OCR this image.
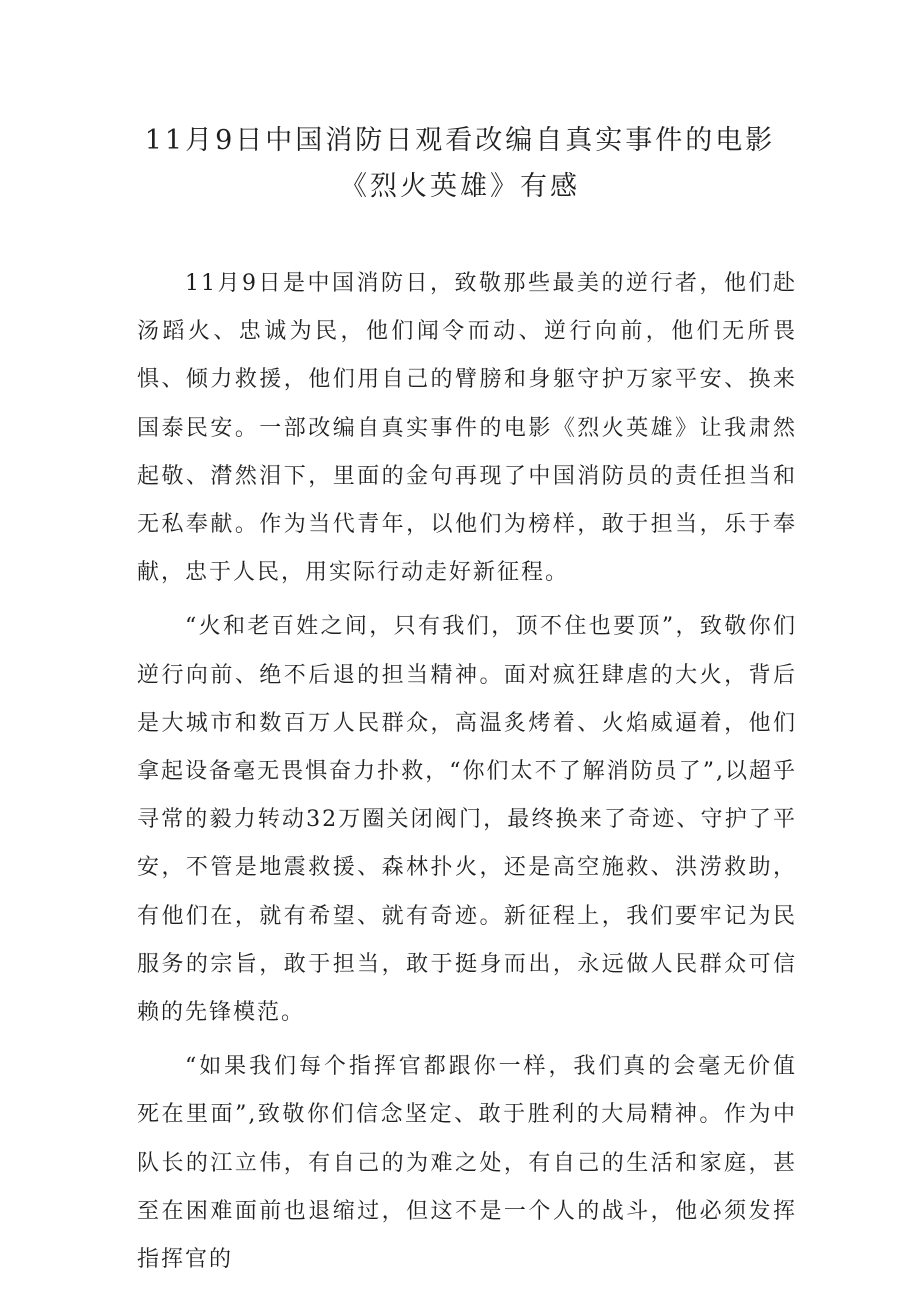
11月9日中国消防日观看改编自真实事件的电影《烈火英雄》有感

11月9日是中国消防日，致敬那些最美的逆行者，他们赴汤蹈火、忠诚为民，他们闻令而动、逆行向前，他们无所畏惧、倾力救援，他们用自己的臂膀和身躯守护万家平安、换来国泰民安。一部改编自真实事件的电影《烈火英雄》让我肃然起敬、潸然泪下，里面的金句再现了中国消防员的责任担当和无私奉献。作为当代青年，以他们为榜样，敢于担当，乐于奉献，忠于人民，用实际行动走好新征程。

“火和老百姓之间，只有我们，顶不住也要顶”，致敬你们逆行向前、绝不后退的担当精神。面对疯狂肆虐的大火，背后是大城市和数百万人民群众，高温炙烤着、火焰威逼着，他们拿起设备毫无畏惧奋力扑救，“你们太不了解消防员了”,以超乎寻常的毅力转动32万圈关闭阀门，最终换来了奇迹、守护了平安，不管是地震救援、森林扑火，还是高空施救、洪涝救助，有他们在，就有希望、就有奇迹。新征程上，我们要牢记为民服务的宗旨，敢于担当，敢于挺身而出，永远做人民群众可信赖的先锋模范。

“如果我们每个指挥官都跟你一样，我们真的会毫无价值死在里面”,致敬你们信念坚定、敢于胜利的大局精神。作为中队长的江立伟，有自己的为难之处，有自己的生活和家庭，甚至在困难面前也退缩过，但这不是一个人的战斗，他必须发挥指挥官的
